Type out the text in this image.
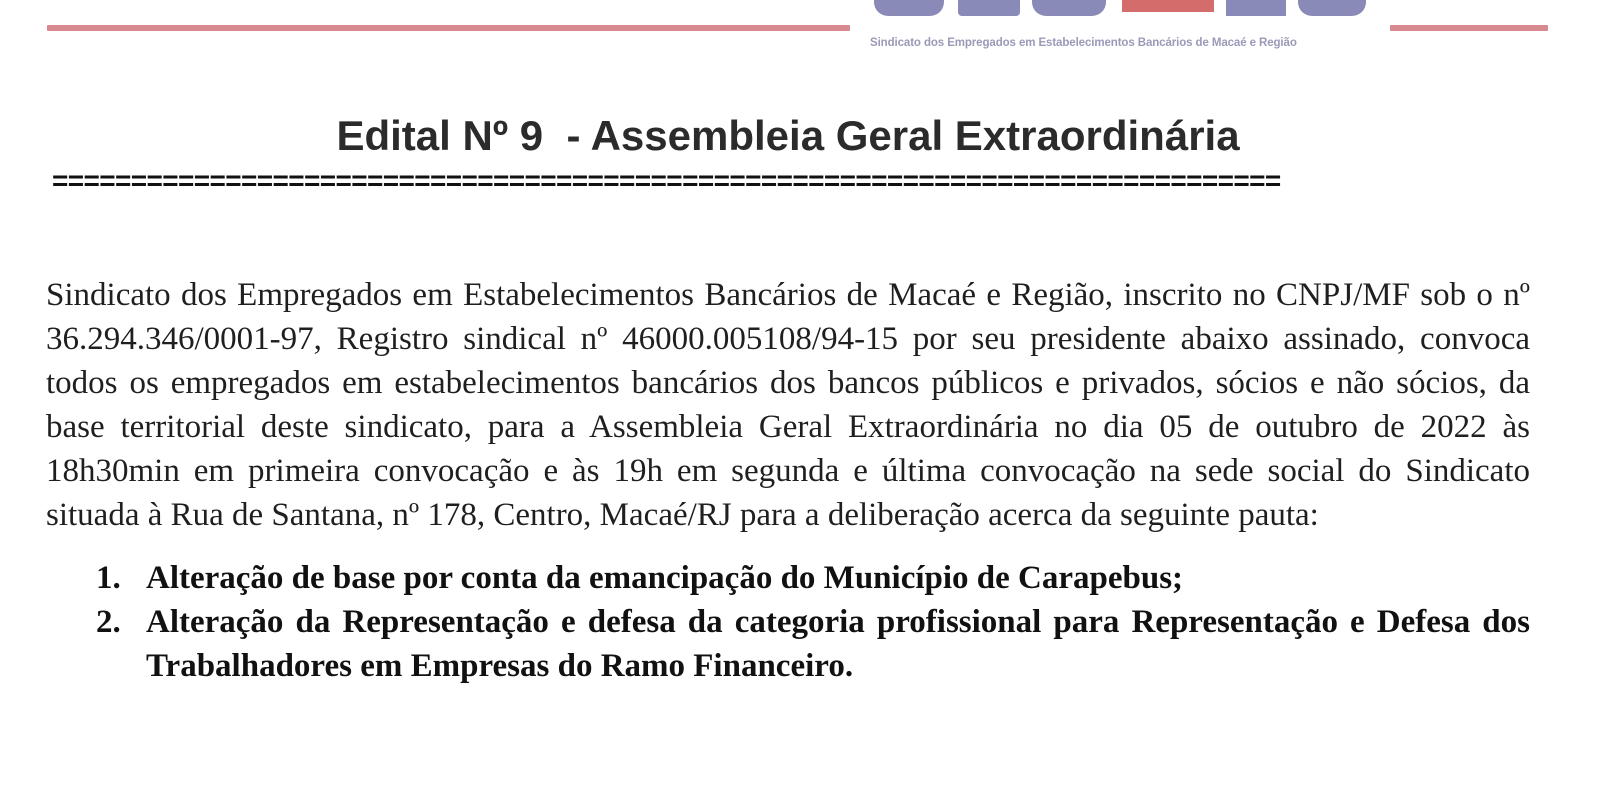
Sindicato dos Empregados em Estabelecimentos Bancários de Macaé e Região
Edital Nº 9  - Assembleia Geral Extraordinária
==============================================================================

Sindicato dos Empregados em Estabelecimentos Bancários de Macaé e Região, inscrito no CNPJ/MF sob o nº 36.294.346/0001-97, Registro sindical nº 46000.005108/94-15 por seu presidente abaixo assinado, convoca todos os empregados em estabelecimentos bancários dos bancos públicos e privados, sócios e não sócios, da base territorial deste sindicato, para a Assembleia Geral Extraordinária no dia 05 de outubro de 2022 às 18h30min em primeira convocação e às 19h em segunda e última convocação na sede social do Sindicato situada à Rua de Santana, nº 178, Centro, Macaé/RJ para a deliberação acerca da seguinte pauta:

1. Alteração de base por conta da emancipação do Município de Carapebus;
2. Alteração da Representação e defesa da categoria profissional para Representação e Defesa dos Trabalhadores em Empresas do Ramo Financeiro.
